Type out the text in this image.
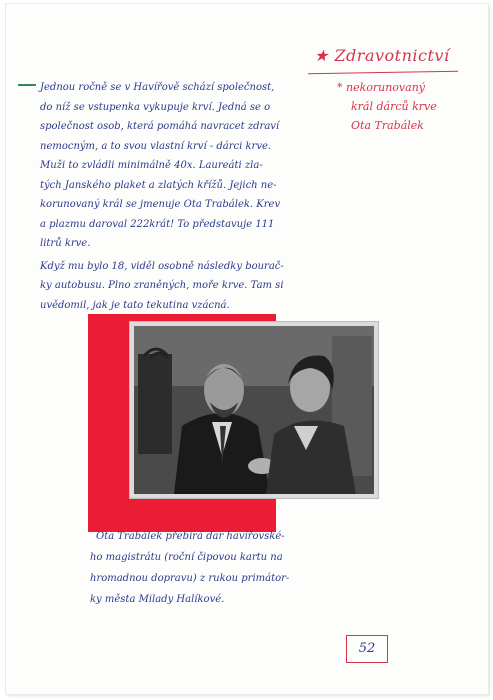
★ Zdravotnictví
* nekorunovaný
král dárců krve
Ota Trabálek
Jednou ročně se v Havířově schází společnost,
do níž se vstupenka vykupuje krví. Jedná se o
společnost osob, která pomáhá navracet zdraví
nemocným, a to svou vlastní krví - dárci krve.
Muži to zvládli minimálně 40x. Laureáti zla-
tých Janského plaket a zlatých křížů. Jejich ne-
korunovaný král se jmenuje Ota Trabálek. Krev
a plazmu daroval 222krát! To představuje 111
litrů krve.
Když mu bylo 18, viděl osobně následky bourač-
ky autobusu. Plno zraněných, moře krve. Tam si
uvědomil, jak je tato tekutina vzácná.
Ota Trabálek přebírá dar havířovské-
ho magistrátu (roční čipovou kartu na
hromadnou dopravu) z rukou primátor-
ky města Milady Halíkové.
52
